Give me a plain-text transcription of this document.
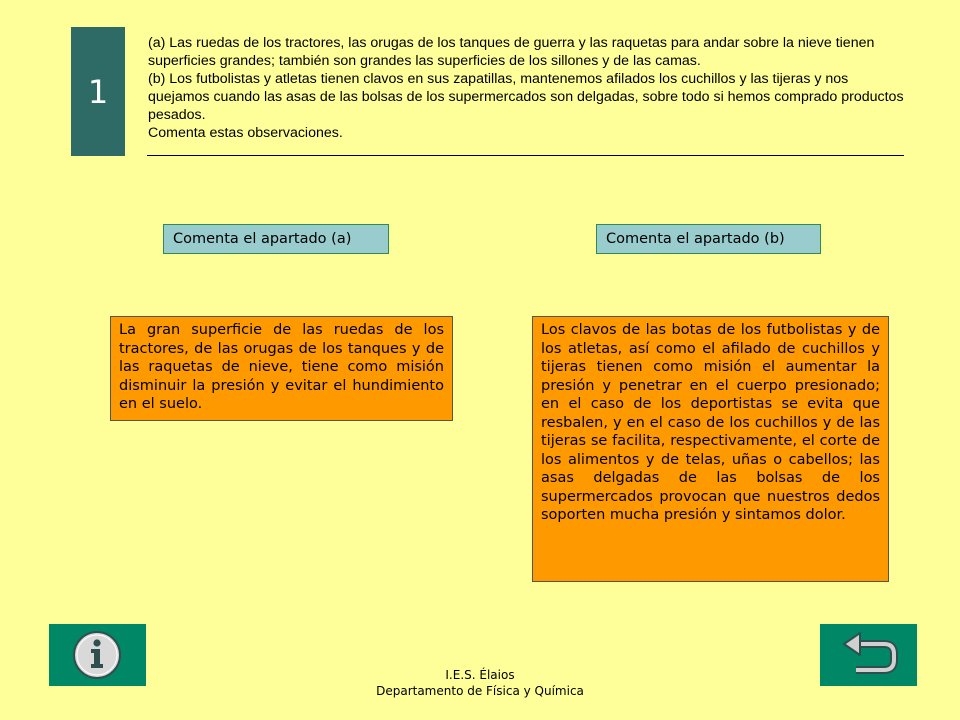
1

(a) Las ruedas de los tractores, las orugas de los tanques de guerra y las raquetas para andar sobre la nieve tienen superficies grandes; también son grandes las superficies de los sillones y de las camas.

(b) Los futbolistas y atletas tienen clavos en sus zapatillas, mantenemos afilados los cuchillos y las tijeras y nos quejamos cuando las asas de las bolsas de los supermercados son delgadas, sobre todo si hemos comprado productos pesados.

Comenta estas observaciones.

Comenta el apartado (a)	Comenta el apartado (b)
La gran superficie de las ruedas de los tractores, de las orugas de los tanques y de las raquetas de nieve, tiene como misión disminuir la presión y evitar el hundimiento en el suelo.
Los clavos de las botas de los futbolistas y de los atletas, así como el afilado de cuchillos y tijeras tienen como misión el aumentar la presión y penetrar en el cuerpo presionado; en el caso de los deportistas se evita que resbalen, y en el caso de los cuchillos y de las tijeras se facilita, respectivamente, el corte de los alimentos y de telas, uñas o cabellos; las asas delgadas de las bolsas de los supermercados provocan que nuestros dedos soporten mucha presión y sintamos dolor.
I.E.S. Élaios
Departamento de Física y Química
